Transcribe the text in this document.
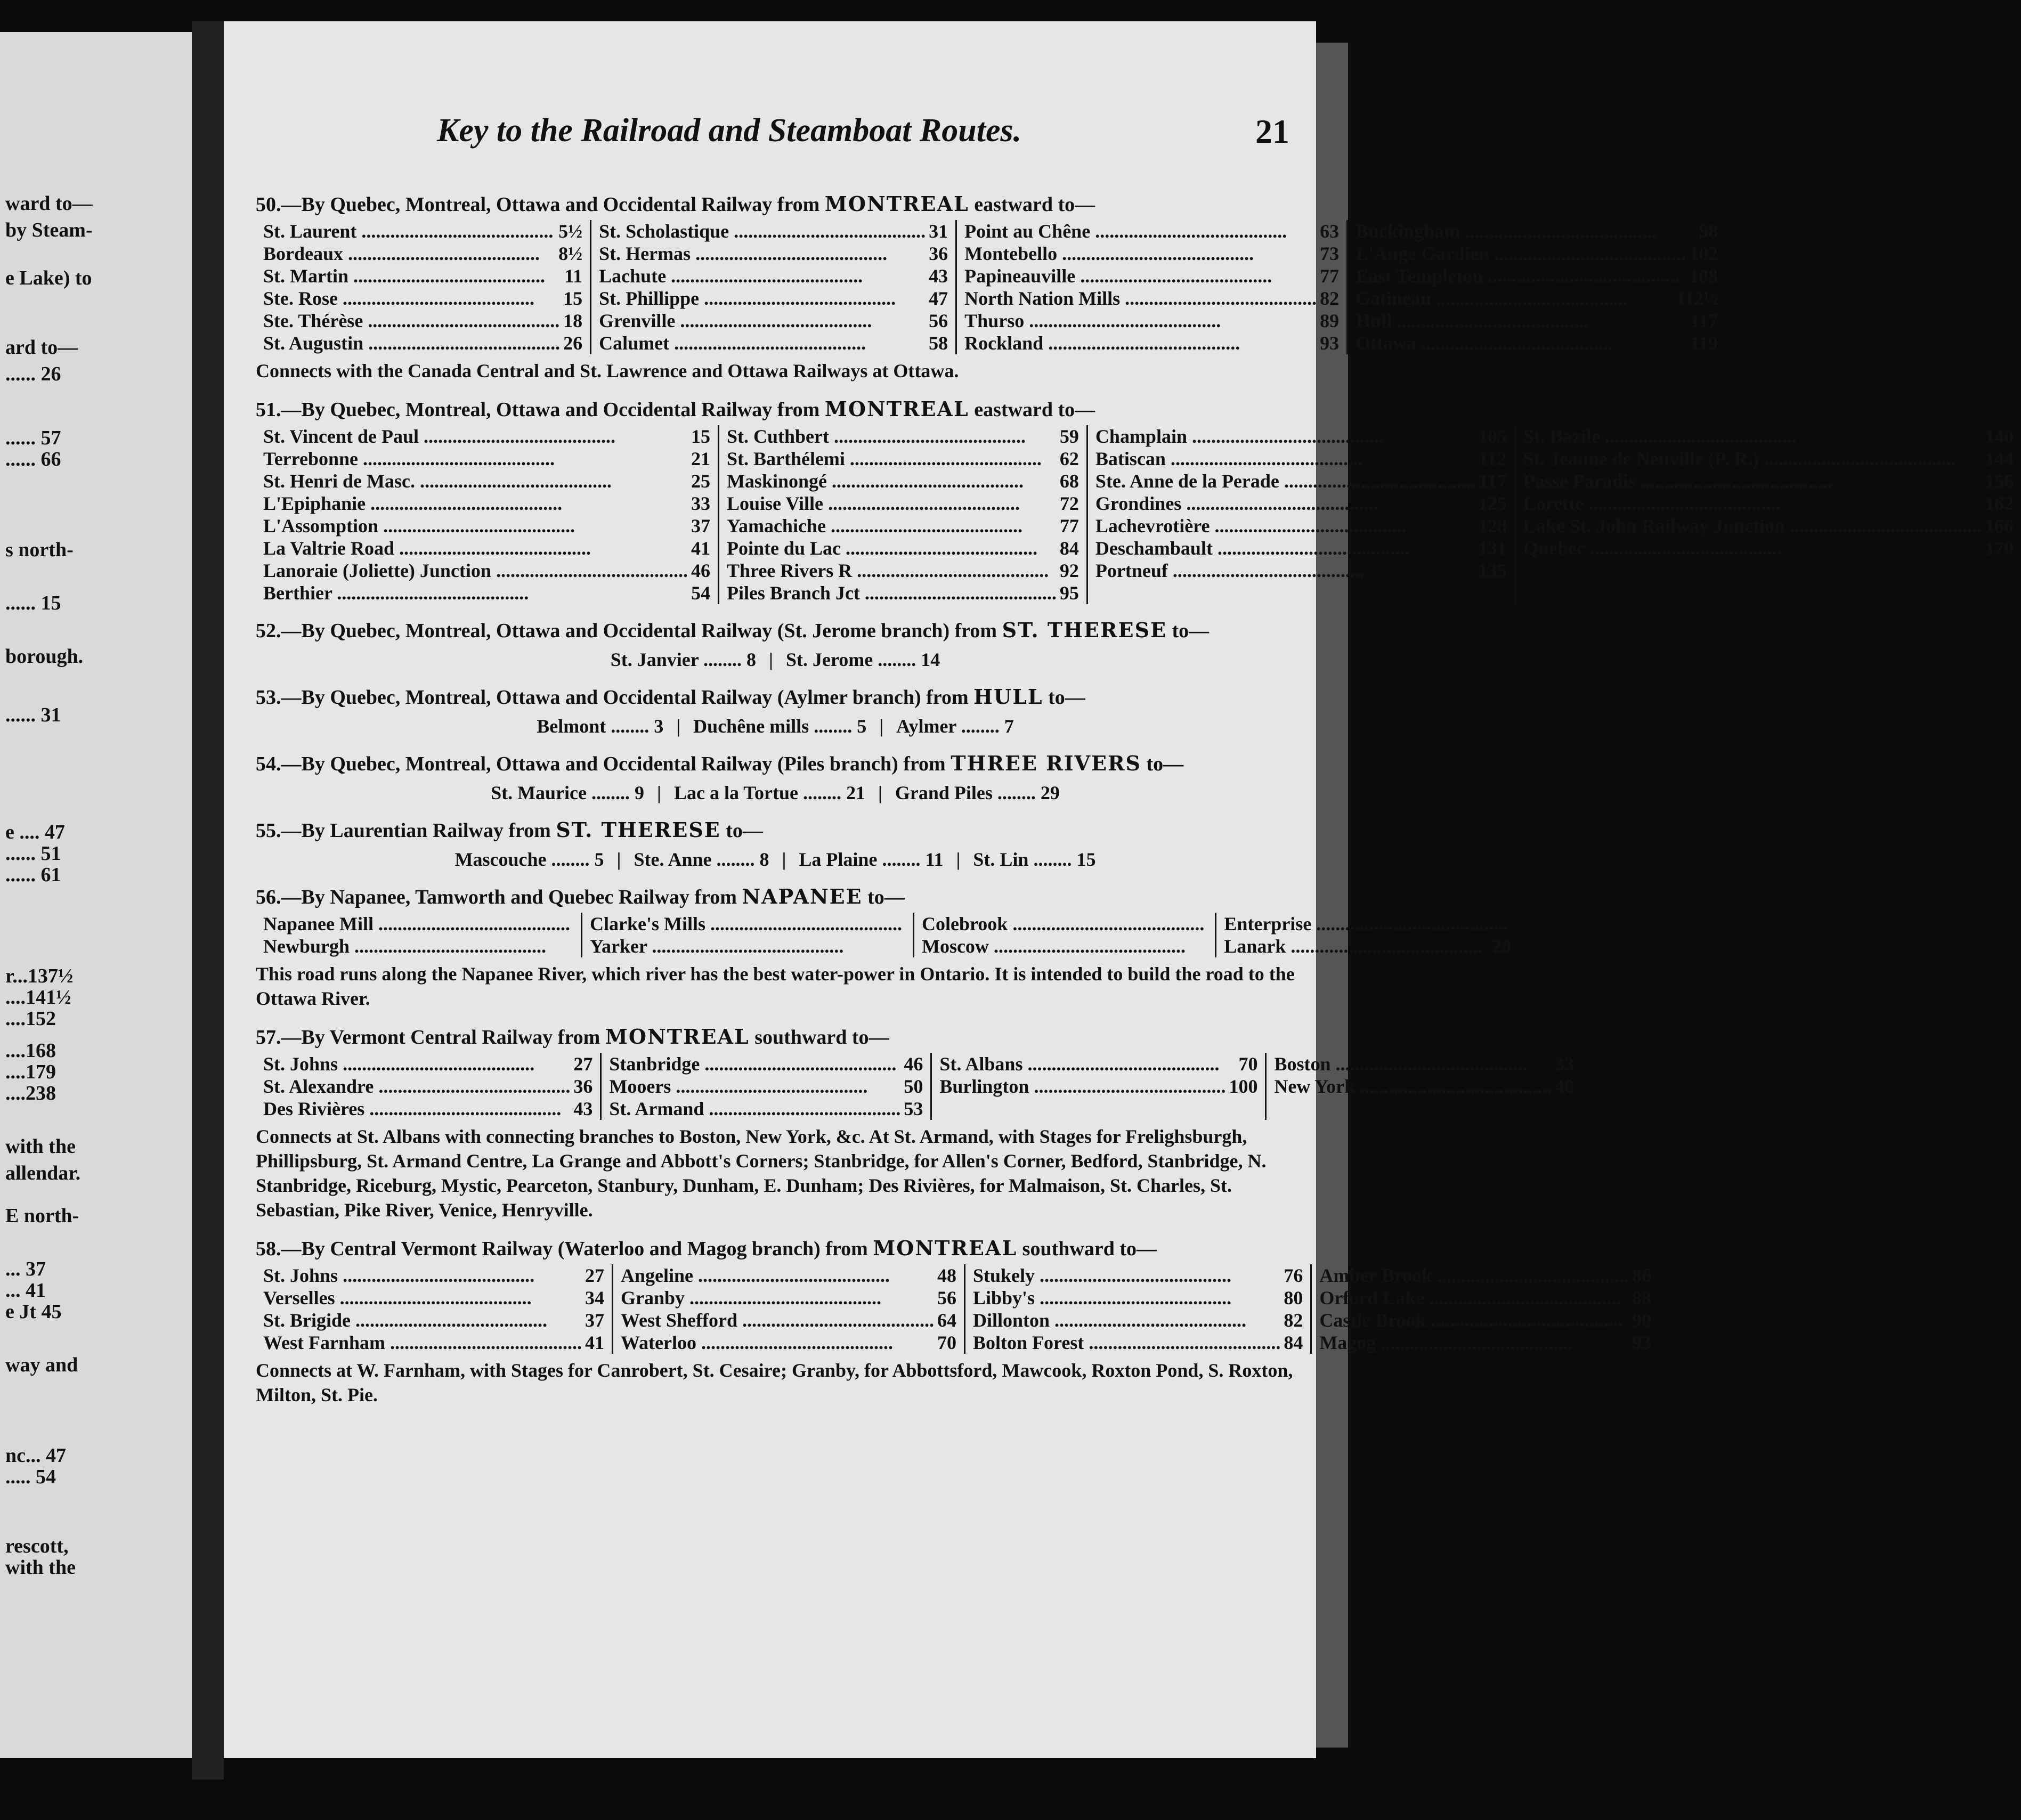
ward to—
by Steam-
e Lake) to
ard to—
...... 26
...... 57
...... 66
s north-
...... 15
borough.
...... 31
e .... 47
...... 51
...... 61
r...137½
....141½
....152
....168
....179
....238
with the
allendar.
E north-
... 37
... 41
e Jt 45
way and
nc... 47
..... 54
rescott,
with the
Key to the Railroad and Steamboat Routes.	21
50.—By Quebec, Montreal, Ottawa and Occidental Railway from MONTREAL eastward to—
St. Laurent .....	5½
Bordeaux .....	8½
St. Martin .....	11
Ste. Rose .....	15
Ste. Thérèse .....	18
St. Augustin .....	26
St. Scholastique .....	31
St. Hermas .....	36
Lachute .....	43
St. Phillippe .....	47
Grenville .....	56
Calumet .....	58
Point au Chêne .....	63
Montebello .....	73
Papineauville .....	77
North Nation Mills .....	82
Thurso .....	89
Rockland .....	93
Buckingham .....	98
L'Ange Gardien .....	102
East Templeton .....	108
Gatineau .....	112½
Hull .....	117
Ottawa .....	119
Connects with the Canada Central and St. Lawrence and Ottawa Railways at Ottawa.
51.—By Quebec, Montreal, Ottawa and Occidental Railway from MONTREAL eastward to—
St. Vincent de Paul .....	15
Terrebonne .....	21
St. Henri de Masc. .....	25
L'Epiphanie .....	33
L'Assomption .....	37
La Valtrie Road .....	41
Lanoraie (Joliette) Junction .....	46
Berthier .....	54
St. Cuthbert .....	59
St. Barthélemi .....	62
Maskinongé .....	68
Louise Ville .....	72
Yamachiche .....	77
Pointe du Lac .....	84
Three Rivers R .....	92
Piles Branch Jct .....	95
Champlain .....	105
Batiscan .....	112
Ste. Anne de la Perade .....	117
Grondines .....	125
Lachevrotière .....	128
Deschambault .....	131
Portneuf .....	135
St. Bazile .....	140
St. Jeanne de Neuville (P. R.) .....	144
Passe Paradis .....	156
Lorette .....	162
Lake St. John Railway Junction .....	166
Quebec .....	170
52.—By Quebec, Montreal, Ottawa and Occidental Railway (St. Jerome branch) from ST. THERESE to—
St. Janvier ........ 8 | St. Jerome ........ 14
53.—By Quebec, Montreal, Ottawa and Occidental Railway (Aylmer branch) from HULL to—
Belmont ........ 3 | Duchêne mills ........ 5 | Aylmer ........ 7
54.—By Quebec, Montreal, Ottawa and Occidental Railway (Piles branch) from THREE RIVERS to—
St. Maurice ........ 9 | Lac a la Tortue ........ 21 | Grand Piles ........ 29
55.—By Laurentian Railway from ST. THERESE to—
Mascouche ........ 5 | Ste. Anne ........ 8 | La Plaine ........ 11 | St. Lin ........ 15
56.—By Napanee, Tamworth and Quebec Railway from NAPANEE to—
Napanee Mill .....
Newburgh .....
Clarke's Mills .....
Yarker .....
Colebrook .....
Moscow .....
Enterprise .....
Lanark .....	28
This road runs along the Napanee River, which river has the best water-power in Ontario. It is intended to build the road to the Ottawa River.
57.—By Vermont Central Railway from MONTREAL southward to—
St. Johns .....	27
St. Alexandre .....	36
Des Rivières .....	43
Stanbridge .....	46
Mooers .....	50
St. Armand .....	53
St. Albans .....	70
Burlington .....	100
Boston .....	33
New York .....	40
Connects at St. Albans with connecting branches to Boston, New York, &c. At St. Armand, with Stages for Frelighsburgh, Phillipsburg, St. Armand Centre, La Grange and Abbott's Corners; Stanbridge, for Allen's Corner, Bedford, Stanbridge, N. Stanbridge, Riceburg, Mystic, Pearceton, Stanbury, Dunham, E. Dunham; Des Rivières, for Malmaison, St. Charles, St. Sebastian, Pike River, Venice, Henryville.
58.—By Central Vermont Railway (Waterloo and Magog branch) from MONTREAL southward to—
St. Johns .....	27
Verselles .....	34
St. Brigide .....	37
West Farnham .....	41
Angeline .....	48
Granby .....	56
West Shefford .....	64
Waterloo .....	70
Stukely .....	76
Libby's .....	80
Dillonton .....	82
Bolton Forest .....	84
Amber Brook .....	86
Orford Lake .....	88
Castle Brook .....	90
Magog .....	93
Connects at W. Farnham, with Stages for Canrobert, St. Cesaire; Granby, for Abbottsford, Mawcook, Roxton Pond, S. Roxton, Milton, St. Pie.
